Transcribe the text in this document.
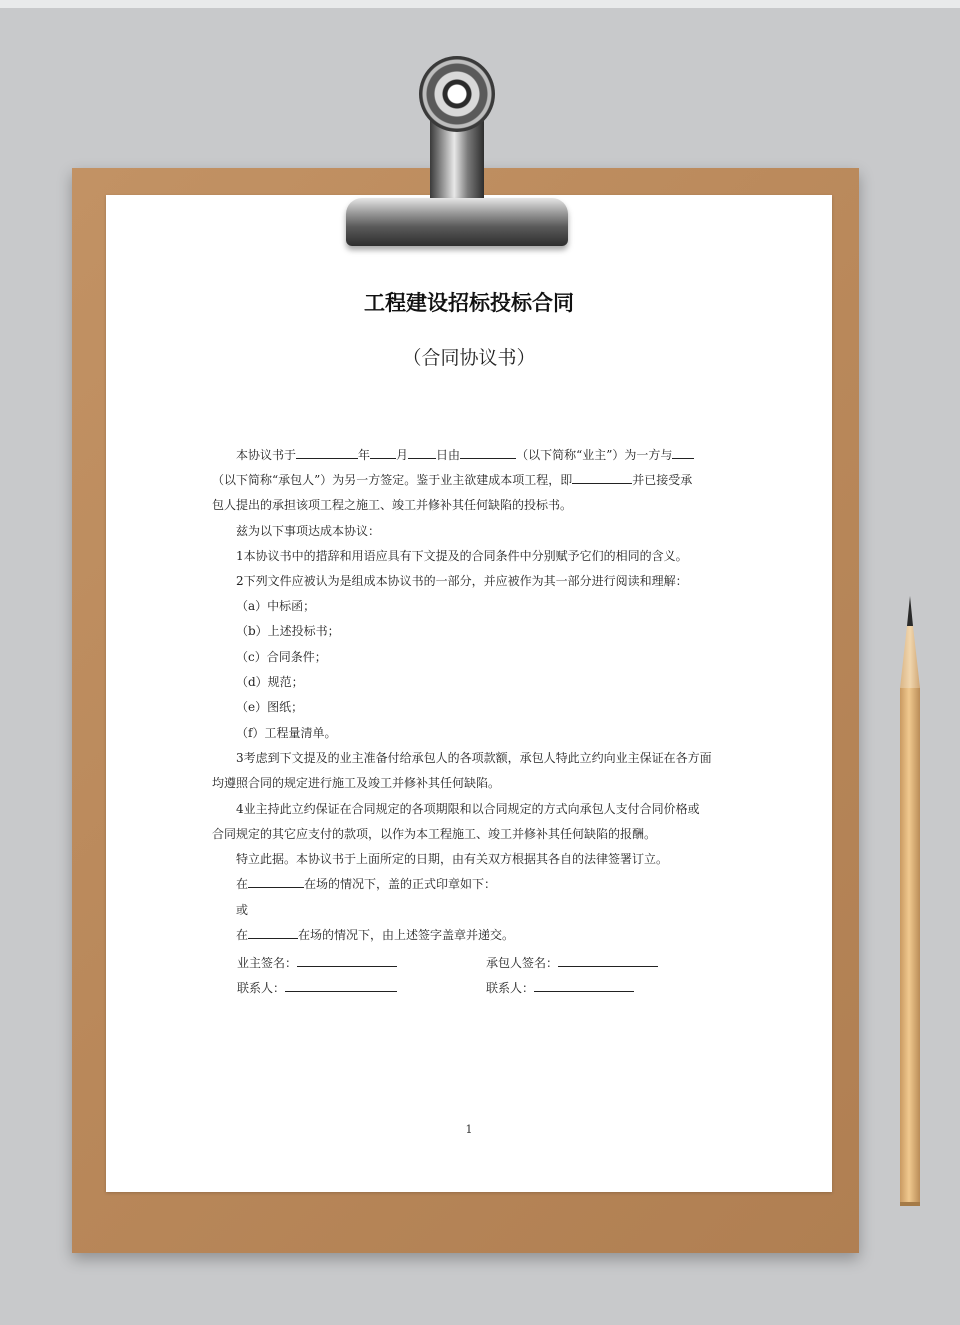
工程建设招标投标合同
（合同协议书）
本协议书于	年 月 日由	（以下简称“业主”）为一方与
（以下简称“承包人”）为另一方签定。鉴于业主欲建成本项工程，即	并已接受承
包人提出的承担该项工程之施工、竣工并修补其任何缺陷的投标书。
兹为以下事项达成本协议：
1本协议书中的措辞和用语应具有下文提及的合同条件中分别赋予它们的相同的含义。
2下列文件应被认为是组成本协议书的一部分，并应被作为其一部分进行阅读和理解：
（a）中标函；
（b）上述投标书；
（c）合同条件；
（d）规范；
（e）图纸；
（f）工程量清单。
3考虑到下文提及的业主准备付给承包人的各项款额，承包人特此立约向业主保证在各方面
均遵照合同的规定进行施工及竣工并修补其任何缺陷。
4业主持此立约保证在合同规定的各项期限和以合同规定的方式向承包人支付合同价格或
合同规定的其它应支付的款项，以作为本工程施工、竣工并修补其任何缺陷的报酬。
特立此据。本协议书于上面所定的日期，由有关双方根据其各自的法律签署订立。
在	在场的情况下，盖的正式印章如下：
或
在	在场的情况下，由上述签字盖章并递交。
业主签名：	承包人签名：
联系人：	联系人：
1
